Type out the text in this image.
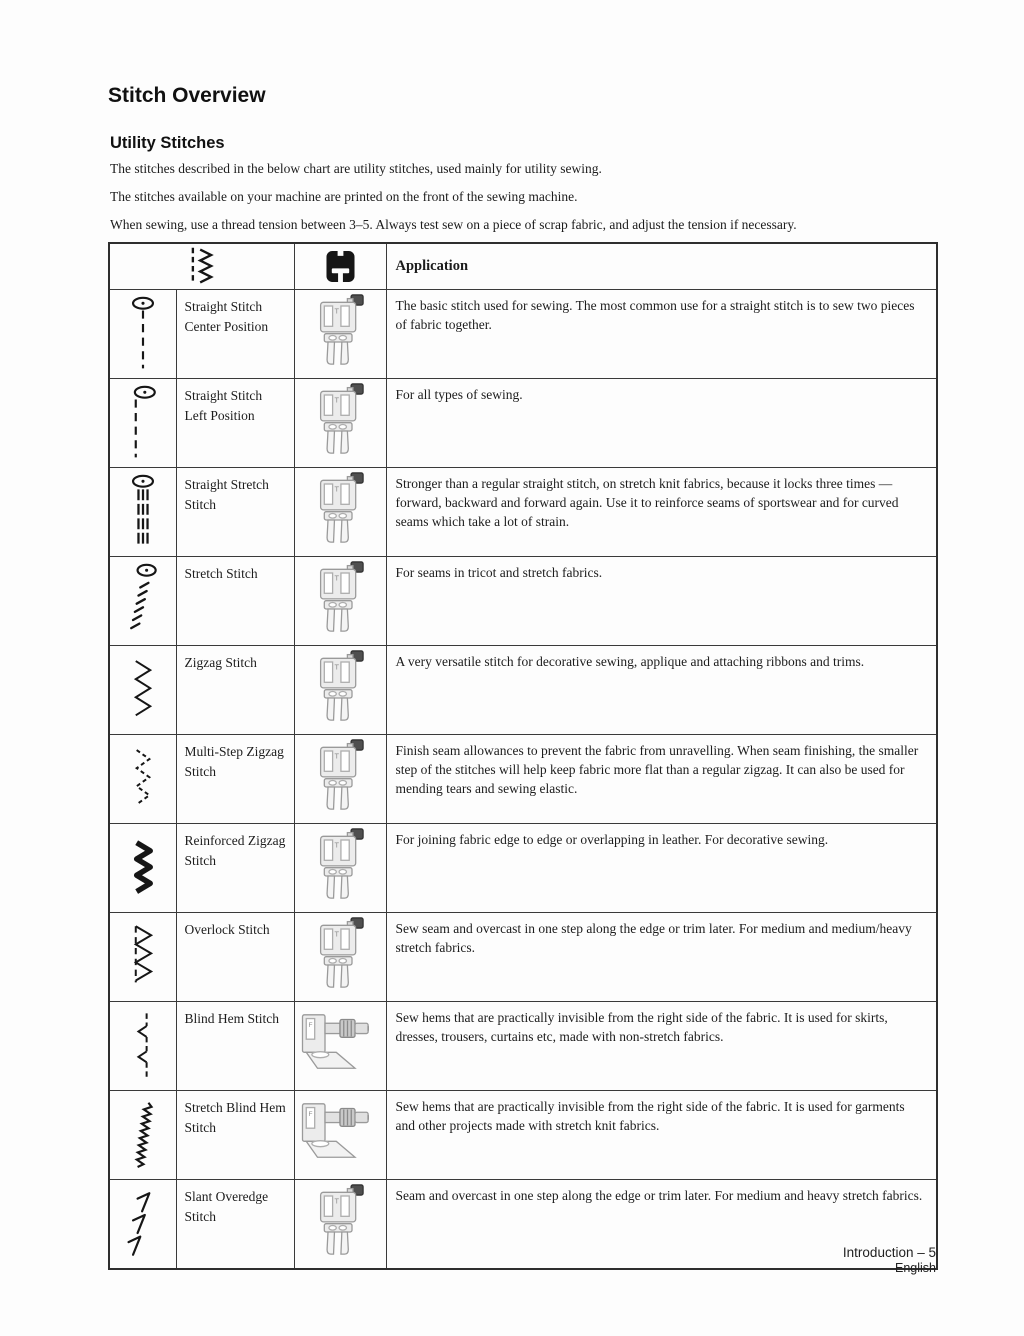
Stitch Overview
Utility Stitches

The stitches described in the below chart are utility stitches, used mainly for utility sewing.

The stitches available on your machine are printed on the front of the sewing machine.

When sewing, use a thread tension between 3–5. Always test sew on a piece of scrap fabric, and adjust the tension if necessary.

		Application
	Straight Stitch Center Position		The basic stitch used for sewing. The most common use for a straight stitch is to sew two pieces of fabric together.
	Straight Stitch Left Position		For all types of sewing.
	Straight Stretch Stitch		Stronger than a regular straight stitch, on stretch knit fabrics, because it locks three times — forward, backward and forward again. Use it to reinforce seams of sportswear and for curved seams which take a lot of strain.
	Stretch Stitch		For seams in tricot and stretch fabrics.
	Zigzag Stitch		A very versatile stitch for decorative sewing, applique and attaching ribbons and trims.
	Multi-Step Zigzag Stitch		Finish seam allowances to prevent the fabric from unravelling. When seam finishing, the smaller step of the stitches will help keep fabric more flat than a regular zigzag. It can also be used for mending tears and sewing elastic.
	Reinforced Zigzag Stitch		For joining fabric edge to edge or overlapping in leather. For decorative sewing.
	Overlock Stitch		Sew seam and overcast in one step along the edge or trim later. For medium and medium/heavy stretch fabrics.
	Blind Hem Stitch		Sew hems that are practically invisible from the right side of the fabric. It is used for skirts, dresses, trousers, curtains etc, made with non-stretch fabrics.
	Stretch Blind Hem Stitch		Sew hems that are practically invisible from the right side of the fabric. It is used for garments and other projects made with stretch knit fabrics.
	Slant Overedge Stitch		Seam and overcast in one step along the edge or trim later. For medium and heavy stretch fabrics.
Introduction – 5
English
